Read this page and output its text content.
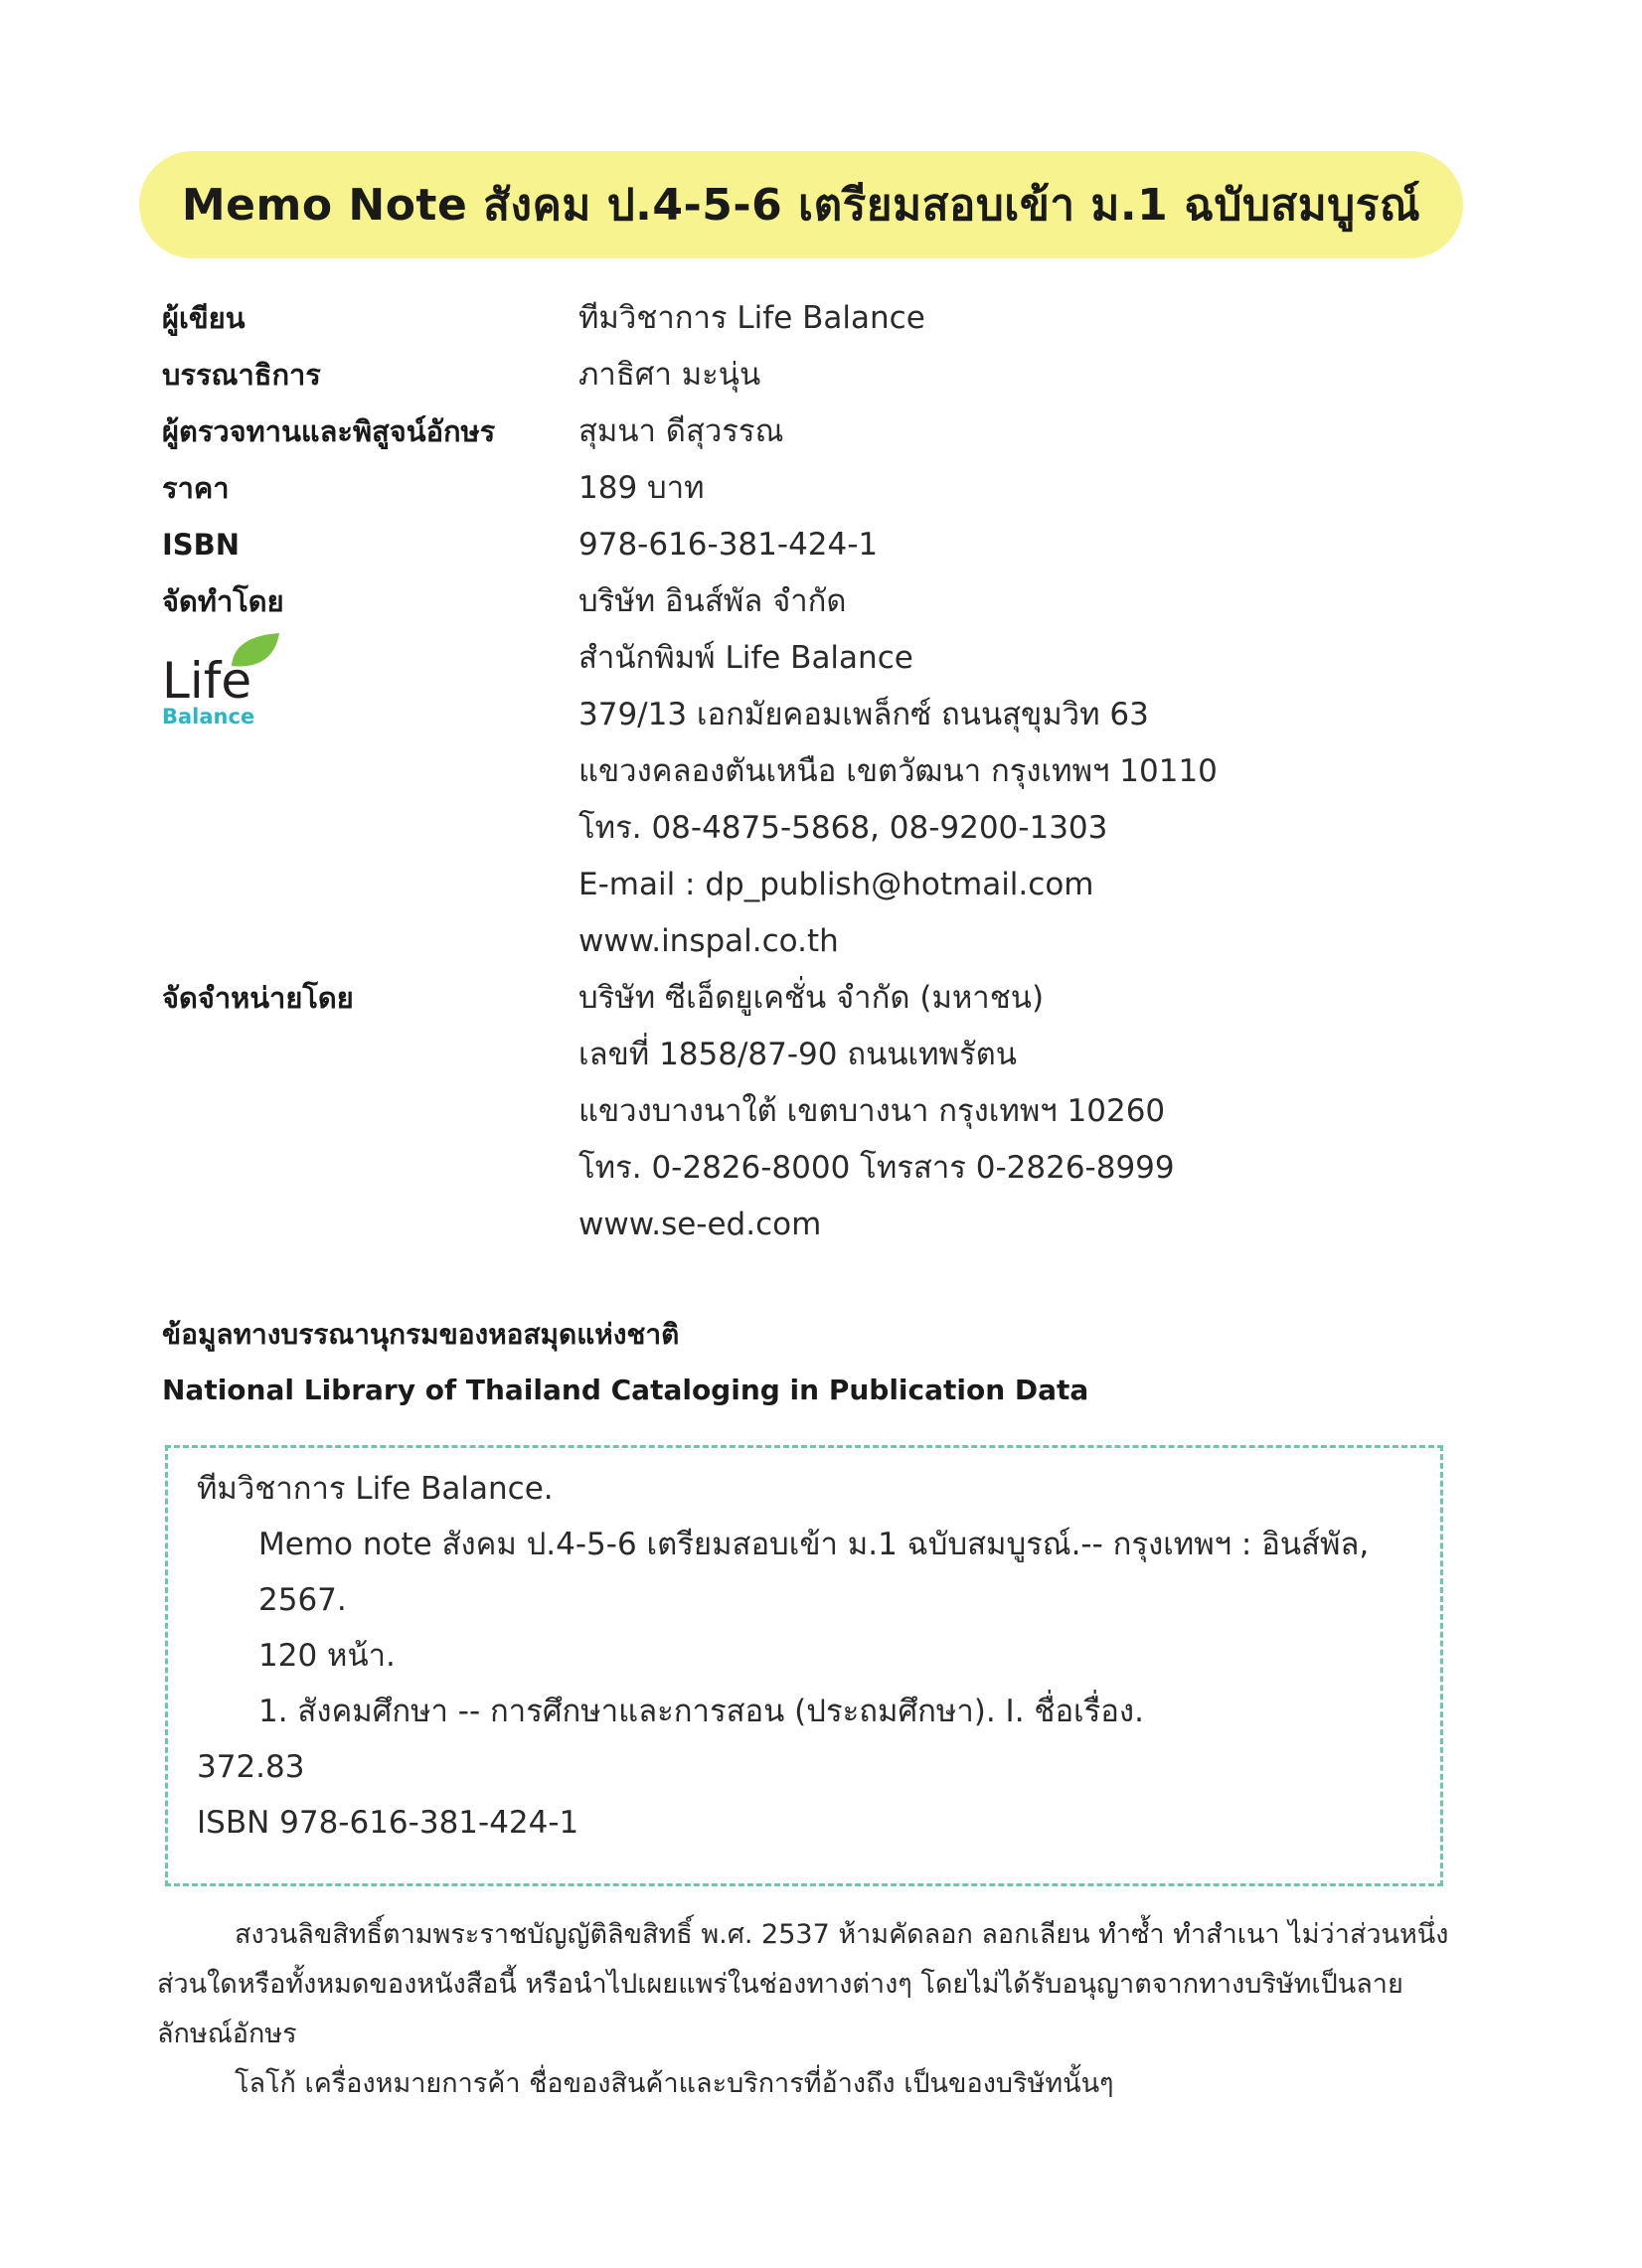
Memo Note สังคม ป.4-5-6 เตรียมสอบเข้า ม.1 ฉบับสมบูรณ์
ผู้เขียน	ทีมวิชาการ Life Balance
บรรณาธิการ	ภาธิศา มะนุ่น
ผู้ตรวจทานและพิสูจน์อักษร	สุมนา ดีสุวรรณ
ราคา	189 บาท
ISBN	978-616-381-424-1
จัดทำโดย	บริษัท อินส์พัล จำกัด
สำนักพิมพ์ Life Balance
379/13 เอกมัยคอมเพล็กซ์ ถนนสุขุมวิท 63
แขวงคลองตันเหนือ เขตวัฒนา กรุงเทพฯ 10110
โทร. 08-4875-5868, 08-9200-1303
E-mail : dp_publish@hotmail.com
www.inspal.co.th
จัดจำหน่ายโดย	บริษัท ซีเอ็ดยูเคชั่น จำกัด (มหาชน)
เลขที่ 1858/87-90 ถนนเทพรัตน
แขวงบางนาใต้ เขตบางนา กรุงเทพฯ 10260
โทร. 0-2826-8000 โทรสาร 0-2826-8999
www.se-ed.com
Life
Balance
ข้อมูลทางบรรณานุกรมของหอสมุดแห่งชาติ
National Library of Thailand Cataloging in Publication Data
ทีมวิชาการ Life Balance.
Memo note สังคม ป.4-5-6 เตรียมสอบเข้า ม.1 ฉบับสมบูรณ์.-- กรุงเทพฯ : อินส์พัล,
2567.
120 หน้า.
1. สังคมศึกษา -- การศึกษาและการสอน (ประถมศึกษา). I. ชื่อเรื่อง.
372.83
ISBN 978-616-381-424-1

สงวนลิขสิทธิ์ตามพระราชบัญญัติลิขสิทธิ์ พ.ศ. 2537 ห้ามคัดลอก ลอกเลียน ทำซ้ำ ทำสำเนา ไม่ว่าส่วนหนึ่งส่วนใดหรือทั้งหมดของหนังสือนี้ หรือนำไปเผยแพร่ในช่องทางต่างๆ โดยไม่ได้รับอนุญาตจากทางบริษัทเป็นลายลักษณ์อักษร

โลโก้ เครื่องหมายการค้า ชื่อของสินค้าและบริการที่อ้างถึง เป็นของบริษัทนั้นๆ
